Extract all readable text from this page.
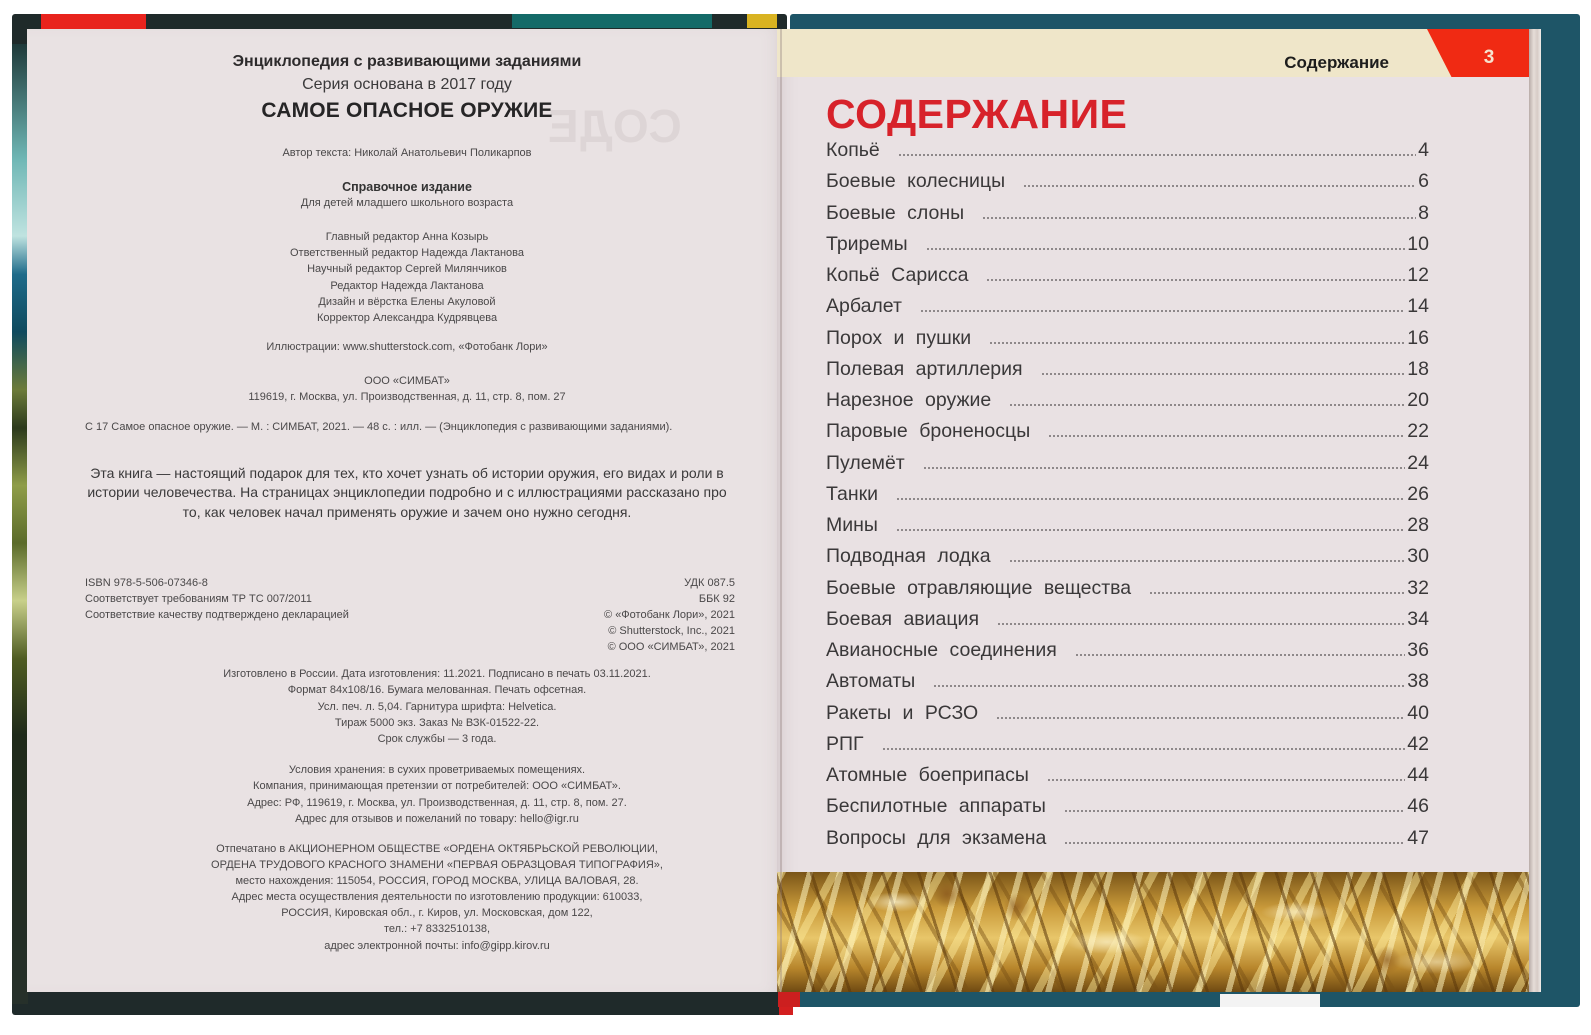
СОДЕ
Энциклопедия с развивающими заданиями
Серия основана в 2017 году
САМОЕ ОПАСНОЕ ОРУЖИЕ
Автор текста: Николай Анатольевич Поликарпов
Справочное издание
Для детей младшего школьного возраста
Главный редактор Анна Козырь
Ответственный редактор Надежда Лактанова
Научный редактор Сергей Милянчиков
Редактор Надежда Лактанова
Дизайн и вёрстка Елены Акуловой
Корректор Александра Кудрявцева
Иллюстрации: www.shutterstock.com, «Фотобанк Лори»
ООО «СИМБАТ»
119619, г. Москва, ул. Производственная, д. 11, стр. 8, пом. 27
С 17 Самое опасное оружие. — М. : СИМБАТ, 2021. — 48 с. : илл. — (Энциклопедия с развивающими заданиями).
Эта книга — настоящий подарок для тех, кто хочет узнать об истории оружия, его видах и роли в истории человечества. На страницах энциклопедии подробно и с иллюстрациями рассказано про то, как человек начал применять оружие и зачем оно нужно сегодня.
ISBN 978-5-506-07346-8
Соответствует требованиям ТР ТС 007/2011
Соответствие качеству подтверждено декларацией
УДК 087.5
ББК 92
© «Фотобанк Лори», 2021
© Shutterstock, Inc., 2021
© ООО «СИМБАТ», 2021
Изготовлено в России. Дата изготовления: 11.2021. Подписано в печать 03.11.2021.
Формат 84x108/16. Бумага мелованная. Печать офсетная.
Усл. печ. л. 5,04. Гарнитура шрифта: Helvetica.
Тираж 5000 экз. Заказ № ВЗК-01522-22.
Срок службы — 3 года.
Условия хранения: в сухих проветриваемых помещениях.
Компания, принимающая претензии от потребителей: ООО «СИМБАТ».
Адрес: РФ, 119619, г. Москва, ул. Производственная, д. 11, стр. 8, пом. 27.
Адрес для отзывов и пожеланий по товару: hello@igr.ru
Отпечатано в АКЦИОНЕРНОМ ОБЩЕСТВЕ «ОРДЕНА ОКТЯБРЬСКОЙ РЕВОЛЮЦИИ,
ОРДЕНА ТРУДОВОГО КРАСНОГО ЗНАМЕНИ «ПЕРВАЯ ОБРАЗЦОВАЯ ТИПОГРАФИЯ»,
место нахождения: 115054, РОССИЯ, ГОРОД МОСКВА, УЛИЦА ВАЛОВАЯ, 28.
Адрес места осуществления деятельности по изготовлению продукции: 610033,
РОССИЯ, Кировская обл., г. Киров, ул. Московская, дом 122,
тел.: +7 8332510138,
адрес электронной почты: info@gipp.kirov.ru
Содержание	3
СОДЕРЖАНИЕ
Копьё	4
Боевые колесницы	6
Боевые слоны	8
Триремы	10
Копьё Сарисса	12
Арбалет	14
Порох и пушки	16
Полевая артиллерия	18
Нарезное оружие	20
Паровые броненосцы	22
Пулемёт	24
Танки	26
Мины	28
Подводная лодка	30
Боевые отравляющие вещества	32
Боевая авиация	34
Авианосные соединения	36
Автоматы	38
Ракеты и РСЗО	40
РПГ	42
Атомные боеприпасы	44
Беспилотные аппараты	46
Вопросы для экзамена	47
